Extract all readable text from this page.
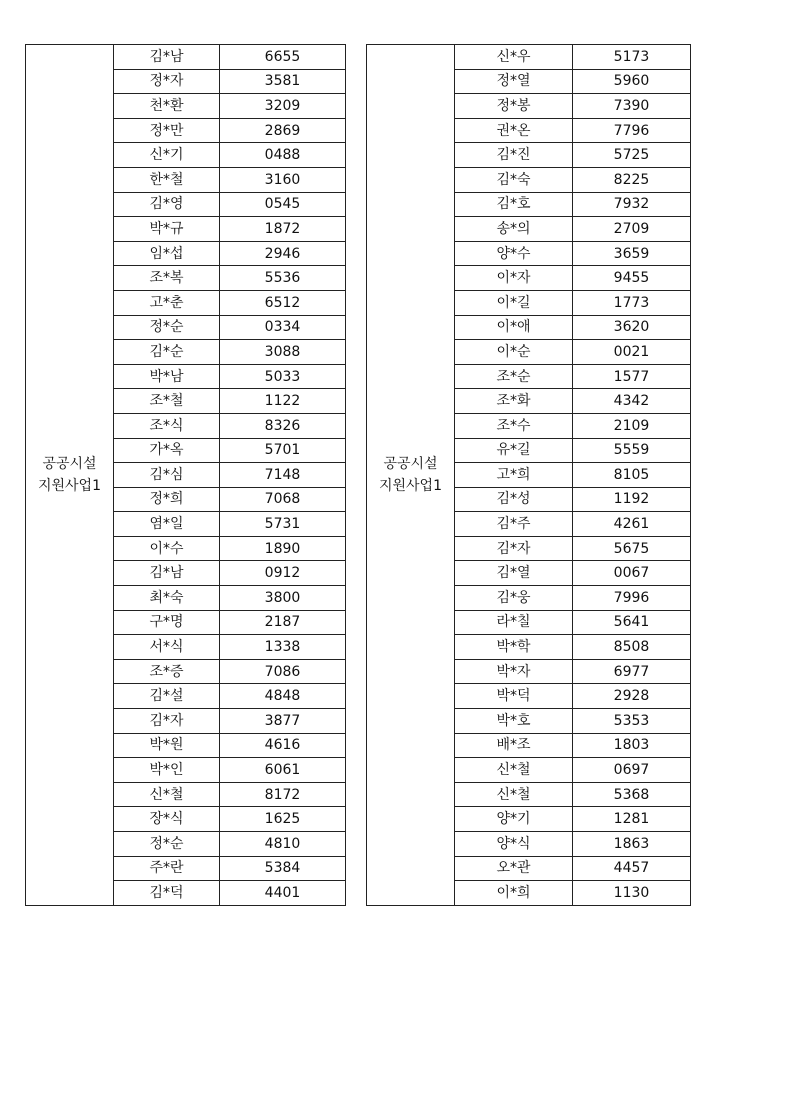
공공시설
지원사업1	김*남	6655
	정*자	3581
	천*환	3209
	정*만	2869
	신*기	0488
	한*철	3160
	김*영	0545
	박*규	1872
	임*섭	2946
	조*복	5536
	고*춘	6512
	정*순	0334
	김*순	3088
	박*남	5033
	조*철	1122
	조*식	8326
	가*옥	5701
	김*심	7148
	정*희	7068
	염*일	5731
	이*수	1890
	김*남	0912
	최*숙	3800
	구*명	2187
	서*식	1338
	조*증	7086
	김*설	4848
	김*자	3877
	박*원	4616
	박*인	6061
	신*철	8172
	장*식	1625
	정*순	4810
	주*란	5384
	김*덕	4401
공공시설
지원사업1	신*우	5173
	정*열	5960
	정*봉	7390
	권*온	7796
	김*진	5725
	김*숙	8225
	김*호	7932
	송*의	2709
	양*수	3659
	이*자	9455
	이*길	1773
	이*애	3620
	이*순	0021
	조*순	1577
	조*화	4342
	조*수	2109
	유*길	5559
	고*희	8105
	김*성	1192
	김*주	4261
	김*자	5675
	김*열	0067
	김*웅	7996
	라*칠	5641
	박*학	8508
	박*자	6977
	박*덕	2928
	박*호	5353
	배*조	1803
	신*철	0697
	신*철	5368
	양*기	1281
	양*식	1863
	오*관	4457
	이*희	1130
